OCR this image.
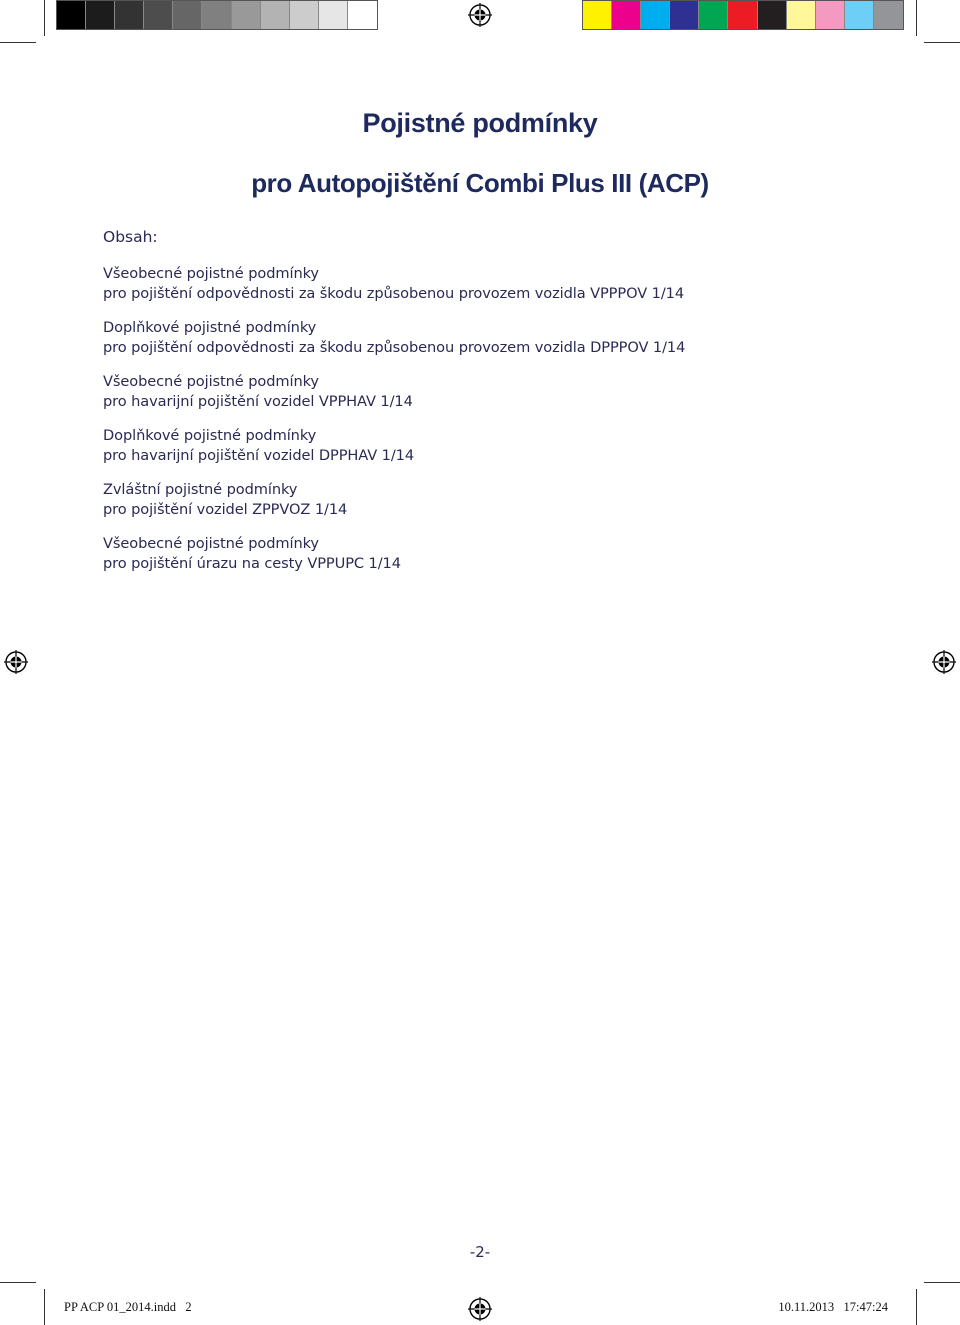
Pojistné podmínky
pro Autopojištění Combi Plus III (ACP)
Obsah:
Všeobecné pojistné podmínky
pro pojištění odpovědnosti za škodu způsobenou provozem vozidla VPPPOV 1/14
Doplňkové pojistné podmínky
pro pojištění odpovědnosti za škodu způsobenou provozem vozidla DPPPOV 1/14
Všeobecné pojistné podmínky
pro havarijní pojištění vozidel VPPHAV 1/14
Doplňkové pojistné podmínky
pro havarijní pojištění vozidel DPPHAV 1/14
Zvláštní pojistné podmínky
pro pojištění vozidel ZPPVOZ 1/14
Všeobecné pojistné podmínky
pro pojištění úrazu na cesty VPPUPC 1/14
-2-
PP ACP 01_2014.indd   2	10.11.2013   17:47:24
